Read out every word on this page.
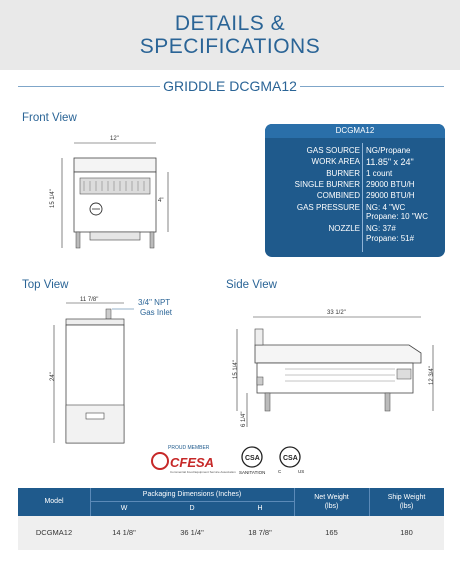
DETAILS &
SPECIFICATIONS
GRIDDLE DCGMA12
Front View
Top View	Side View
12"
15 1/4"	4"
DCGMA12
GAS SOURCE NG/Propane
WORK AREA 11.85" x 24"
BURNER 1 count
SINGLE BURNER 29000 BTU/H
COMBINED 29000 BTU/H
GAS PRESSURE NG: 4 "WC
Propane: 10 "WC
NOZZLE NG: 37#
Propane: 51#
11 7/8"
24"
3/4" NPT
Gas Inlet	33 1/2"
15 1/4"
6 1/4"
12 3/4"
PROUD MEMBER
CFESA
Commercial Food Equipment Service Association
CSA
SANITATION
CSA
C	US
Model
Packaging Dimensions (Inches)
W	D	H
Net Weight
(lbs)
Ship Weight
(lbs)
DCGMA12	14 1/8"	36 1/4"	18 7/8"	165	180
